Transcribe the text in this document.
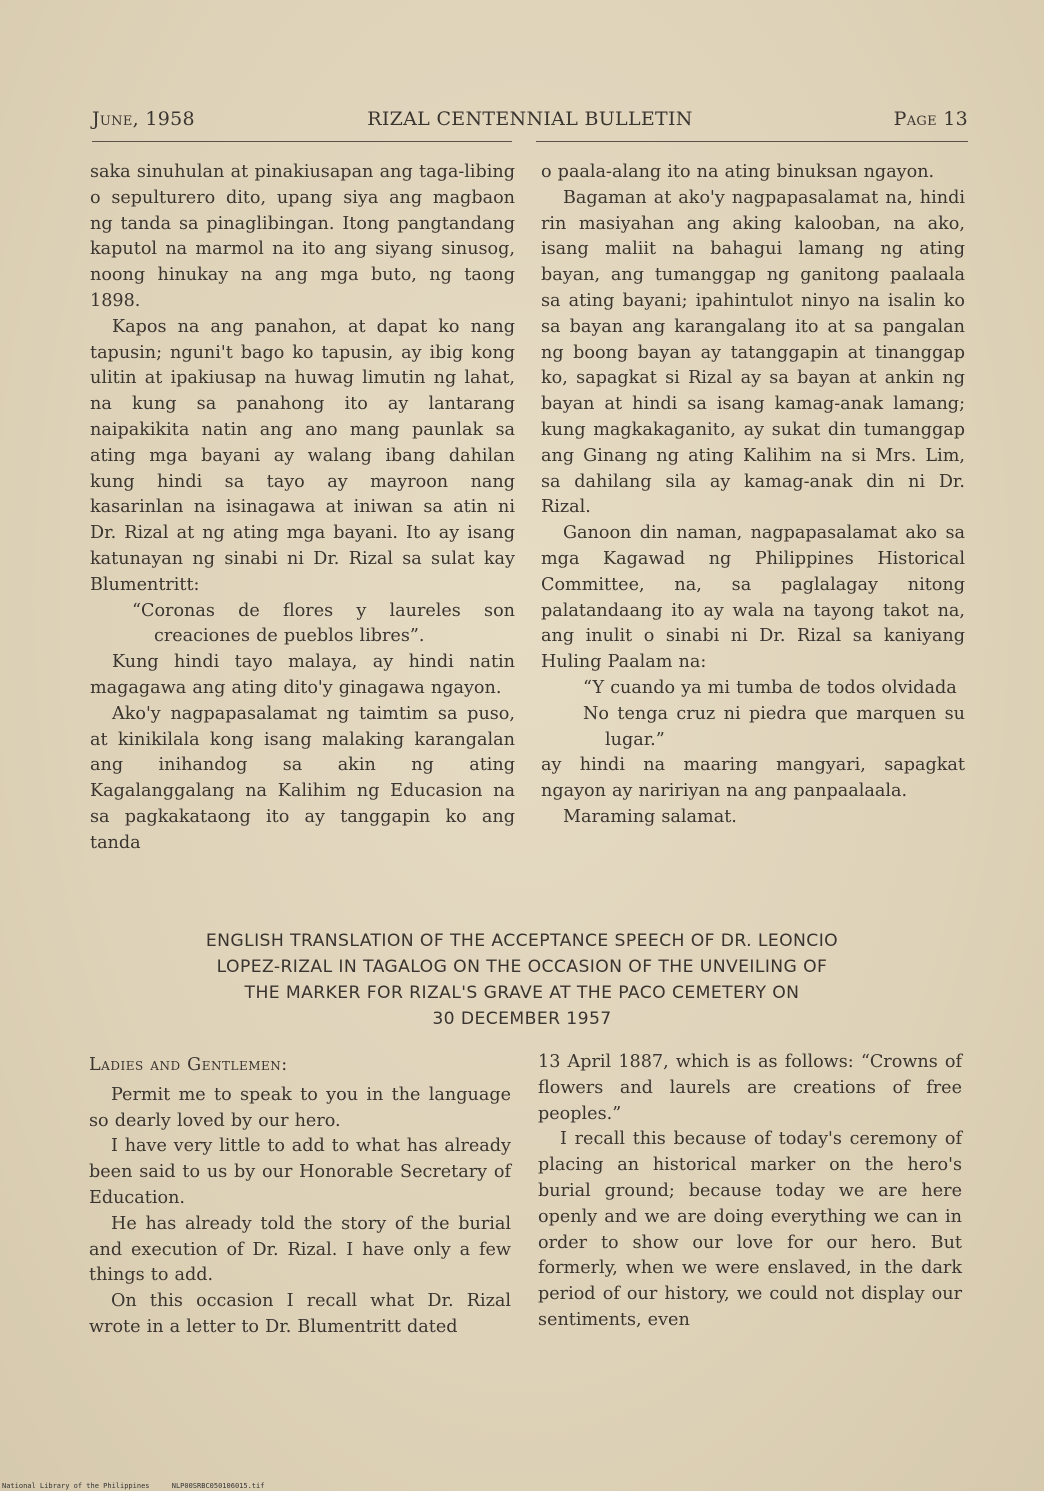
June, 1958	RIZAL CENTENNIAL BULLETIN	Page 13

saka sinuhulan at pinakiusapan ang taga-libing o sepulturero dito, upang siya ang magbaon ng tanda sa pinaglibingan. Itong pangtandang kaputol na marmol na ito ang siyang sinusog, noong hinukay na ang mga buto, ng taong 1898.

Kapos na ang panahon, at dapat ko nang tapusin; nguni't bago ko tapusin, ay ibig kong ulitin at ipakiusap na huwag limutin ng lahat, na kung sa panahong ito ay lantarang naipakikita natin ang ano mang paunlak sa ating mga bayani ay walang ibang dahilan kung hindi sa tayo ay mayroon nang kasarinlan na isinagawa at iniwan sa atin ni Dr. Rizal at ng ating mga bayani. Ito ay isang katunayan ng sinabi ni Dr. Rizal sa sulat kay Blumentritt:

“Coronas de flores y laureles son creaciones de pueblos libres”.

Kung hindi tayo malaya, ay hindi natin magagawa ang ating dito'y ginagawa ngayon.

Ako'y nagpapasalamat ng taimtim sa puso, at kinikilala kong isang malaking karangalan ang inihandog sa akin ng ating Kagalanggalang na Kalihim ng Educasion na sa pagkakataong ito ay tanggapin ko ang tanda

o paala-alang ito na ating binuksan ngayon.

Bagaman at ako'y nagpapasalamat na, hindi rin masiyahan ang aking kalooban, na ako, isang maliit na bahagui lamang ng ating bayan, ang tumanggap ng ganitong paalaala sa ating bayani; ipahintulot ninyo na isalin ko sa bayan ang karangalang ito at sa pangalan ng boong bayan ay tatanggapin at tinanggap ko, sapagkat si Rizal ay sa bayan at ankin ng bayan at hindi sa isang kamag-anak lamang; kung magkakaganito, ay sukat din tumanggap ang Ginang ng ating Kalihim na si Mrs. Lim, sa dahilang sila ay kamag-anak din ni Dr. Rizal.

Ganoon din naman, nagpapasalamat ako sa mga Kagawad ng Philippines Historical Committee, na, sa paglalagay nitong palatandaang ito ay wala na tayong takot na, ang inulit o sinabi ni Dr. Rizal sa kaniyang Huling Paalam na:

“Y cuando ya mi tumba de todos olvidada

No tenga cruz ni piedra que marquen su lugar.”

ay hindi na maaring mangyari, sapagkat ngayon ay naririyan na ang panpaalaala.

Maraming salamat.

ENGLISH TRANSLATION OF THE ACCEPTANCE SPEECH OF DR. LEONCIO
LOPEZ-RIZAL IN TAGALOG ON THE OCCASION OF THE UNVEILING OF
THE MARKER FOR RIZAL'S GRAVE AT THE PACO CEMETERY ON
30 DECEMBER 1957

Ladies and Gentlemen:

Permit me to speak to you in the language so dearly loved by our hero.

I have very little to add to what has already been said to us by our Honorable Secretary of Education.

He has already told the story of the burial and execution of Dr. Rizal. I have only a few things to add.

On this occasion I recall what Dr. Rizal wrote in a letter to Dr. Blumentritt dated

13 April 1887, which is as follows: “Crowns of flowers and laurels are creations of free peoples.”

I recall this because of today's ceremony of placing an historical marker on the hero's burial ground; because today we are here openly and we are doing everything we can in order to show our love for our hero. But formerly, when we were enslaved, in the dark period of our history, we could not display our sentiments, even

National Library of the Philippines	NLP00SRBC050106015.tif
